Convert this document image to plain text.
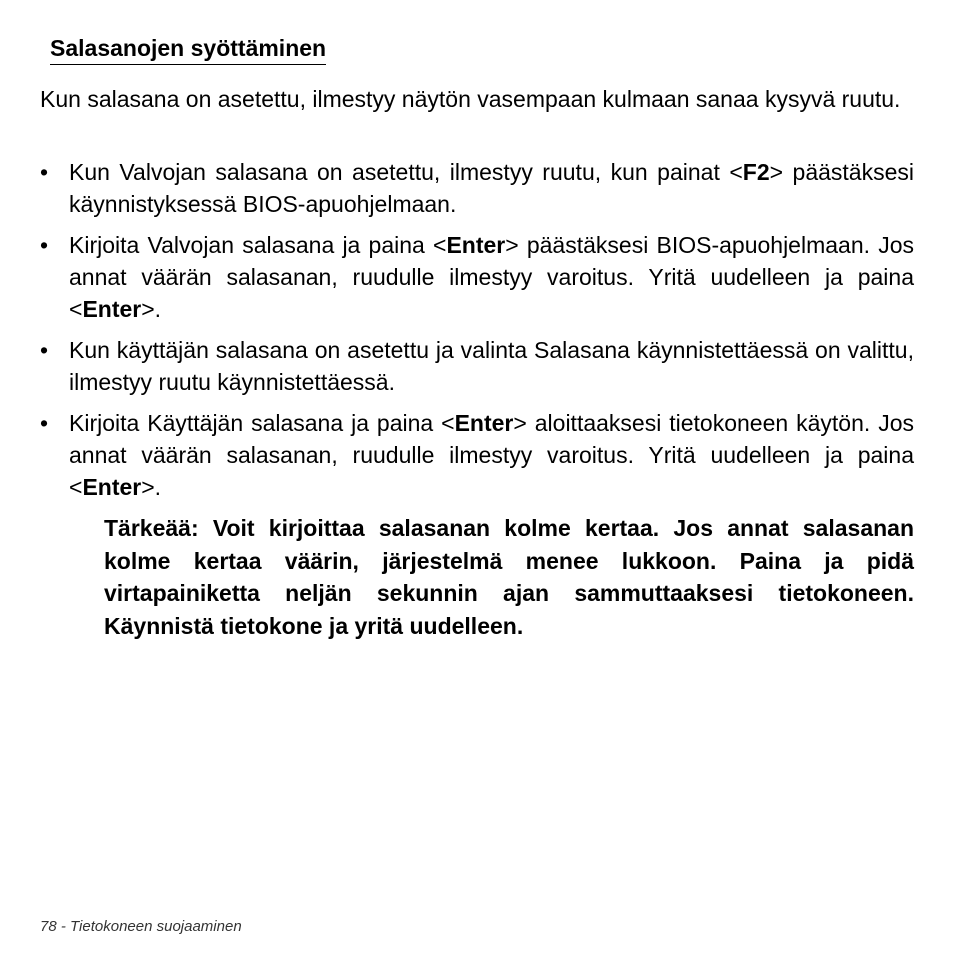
Salasanojen syöttäminen
Kun salasana on asetettu, ilmestyy näytön vasempaan kulmaan sanaa kysyvä ruutu.
• Kun Valvojan salasana on asetettu, ilmestyy ruutu, kun painat <F2> päästäksesi käynnistyksessä BIOS-apuohjelmaan.
• Kirjoita Valvojan salasana ja paina <Enter> päästäksesi BIOS-apuohjelmaan. Jos annat väärän salasanan, ruudulle ilmestyy varoitus. Yritä uudelleen ja paina <Enter>.
• Kun käyttäjän salasana on asetettu ja valinta Salasana käynnistettäessä on valittu, ilmestyy ruutu käynnistettäessä.
• Kirjoita Käyttäjän salasana ja paina <Enter> aloittaaksesi tietokoneen käytön. Jos annat väärän salasanan, ruudulle ilmestyy varoitus. Yritä uudelleen ja paina <Enter>.
Tärkeää: Voit kirjoittaa salasanan kolme kertaa. Jos annat salasanan kolme kertaa väärin, järjestelmä menee lukkoon. Paina ja pidä virtapainiketta neljän sekunnin ajan sammuttaaksesi tietokoneen. Käynnistä tietokone ja yritä uudelleen.
78 - Tietokoneen suojaaminen
